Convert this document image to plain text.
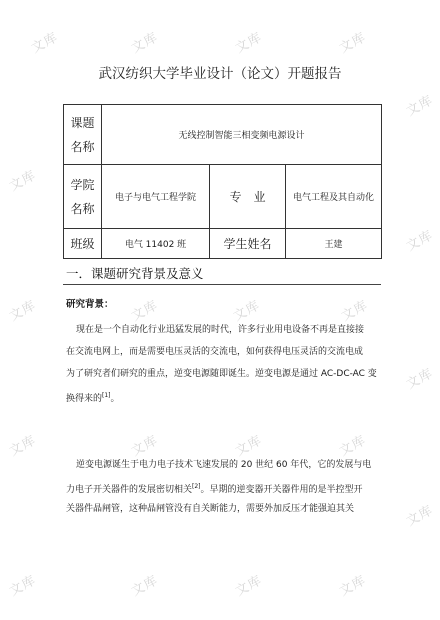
文库	文库	文库	文库
文库
文库
文库
文库	文库	文库	文库
文库
文库	文库	文库	文库
文库
文库	文库	文库	文库
武汉纺织大学毕业设计（论文）开题报告
课题
名称	无线控制智能三相变频电源设计		
学院
名称	电子与电气工程学院	专　业	电气工程及其自动化
班级	电气 11402 班	学生姓名	王建
一．课题研究背景及意义
研究背景：
现在是一个自动化行业迅猛发展的时代，许多行业用电设备不再是直接接
在交流电网上，而是需要电压灵活的交流电，如何获得电压灵活的交流电成
为了研究者们研究的重点，逆变电源随即诞生。逆变电源是通过 AC-DC-AC 变
换得来的[1]。
逆变电源诞生于电力电子技术飞速发展的 20 世纪 60 年代，它的发展与电
力电子开关器件的发展密切相关[2]。早期的逆变器开关器件用的是半控型开
关器件晶闸管，这种晶闸管没有自关断能力，需要外加反压才能强迫其关
